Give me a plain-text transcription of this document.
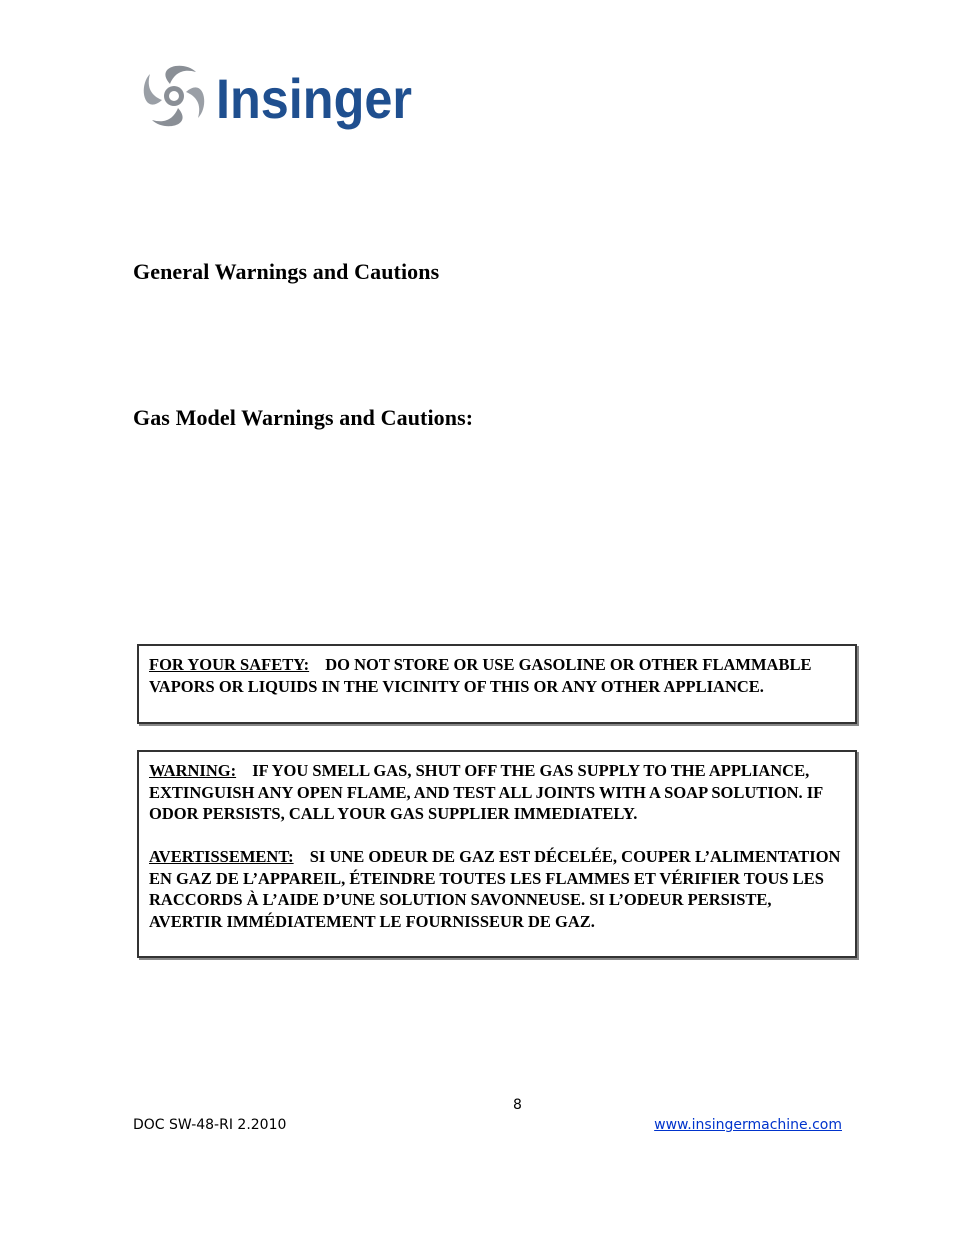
Insinger
General Warnings and Cautions
Gas Model Warnings and Cautions:

FOR YOUR SAFETY: DO NOT STORE OR USE GASOLINE OR OTHER FLAMMABLE VAPORS OR LIQUIDS IN THE VICINITY OF THIS OR ANY OTHER APPLIANCE.

WARNING: IF YOU SMELL GAS, SHUT OFF THE GAS SUPPLY TO THE APPLIANCE, EXTINGUISH ANY OPEN FLAME, AND TEST ALL JOINTS WITH A SOAP SOLUTION. IF ODOR PERSISTS, CALL YOUR GAS SUPPLIER IMMEDIATELY.

AVERTISSEMENT: SI UNE ODEUR DE GAZ EST DÉCELÉE, COUPER L’ALIMENTATION EN GAZ DE L’APPAREIL, ÉTEINDRE TOUTES LES FLAMMES ET VÉRIFIER TOUS LES RACCORDS À L’AIDE D’UNE SOLUTION SAVONNEUSE. SI L’ODEUR PERSISTE, AVERTIR IMMÉDIATEMENT LE FOURNISSEUR DE GAZ.

8
DOC SW-48-RI 2.2010	www.insingermachine.com
